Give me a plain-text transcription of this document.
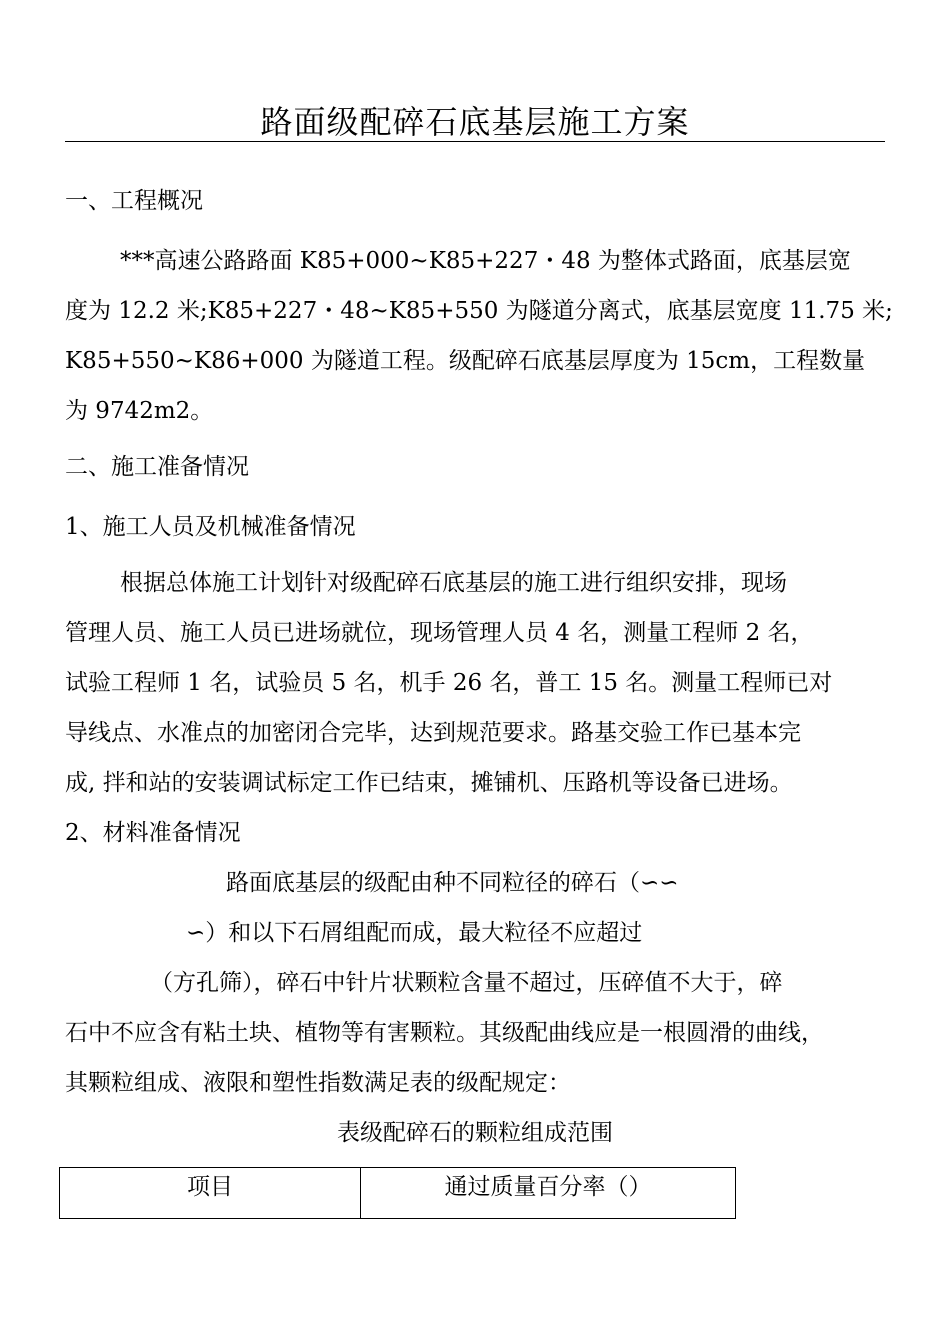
路面级配碎石底基层施工方案
一、工程概况
***高速公路路面 K85+000~K85+227・48 为整体式路面，底基层宽
度为 12.2 米;K85+227・48~K85+550 为隧道分离式，底基层宽度 11.75 米;
K85+550~K86+000 为隧道工程。级配碎石底基层厚度为 15cm，工程数量
为 9742m2。
二、施工准备情况
1、施工人员及机械准备情况
根据总体施工计划针对级配碎石底基层的施工进行组织安排，现场
管理人员、施工人员已进场就位，现场管理人员 4 名，测量工程师 2 名，
试验工程师 1 名，试验员 5 名，机手 26 名，普工 15 名。测量工程师已对
导线点、水准点的加密闭合完毕，达到规范要求。路基交验工作已基本完
成, 拌和站的安装调试标定工作已结束，摊铺机、压路机等设备已进场。
2、材料准备情况
路面底基层的级配由种不同粒径的碎石（∽∽
∽）和以下石屑组配而成，最大粒径不应超过
（方孔筛），碎石中针片状颗粒含量不超过，压碎值不大于，碎
石中不应含有粘土块、植物等有害颗粒。其级配曲线应是一根圆滑的曲线，
其颗粒组成、液限和塑性指数满足表的级配规定：
表级配碎石的颗粒组成范围
项目	通过质量百分率（）
